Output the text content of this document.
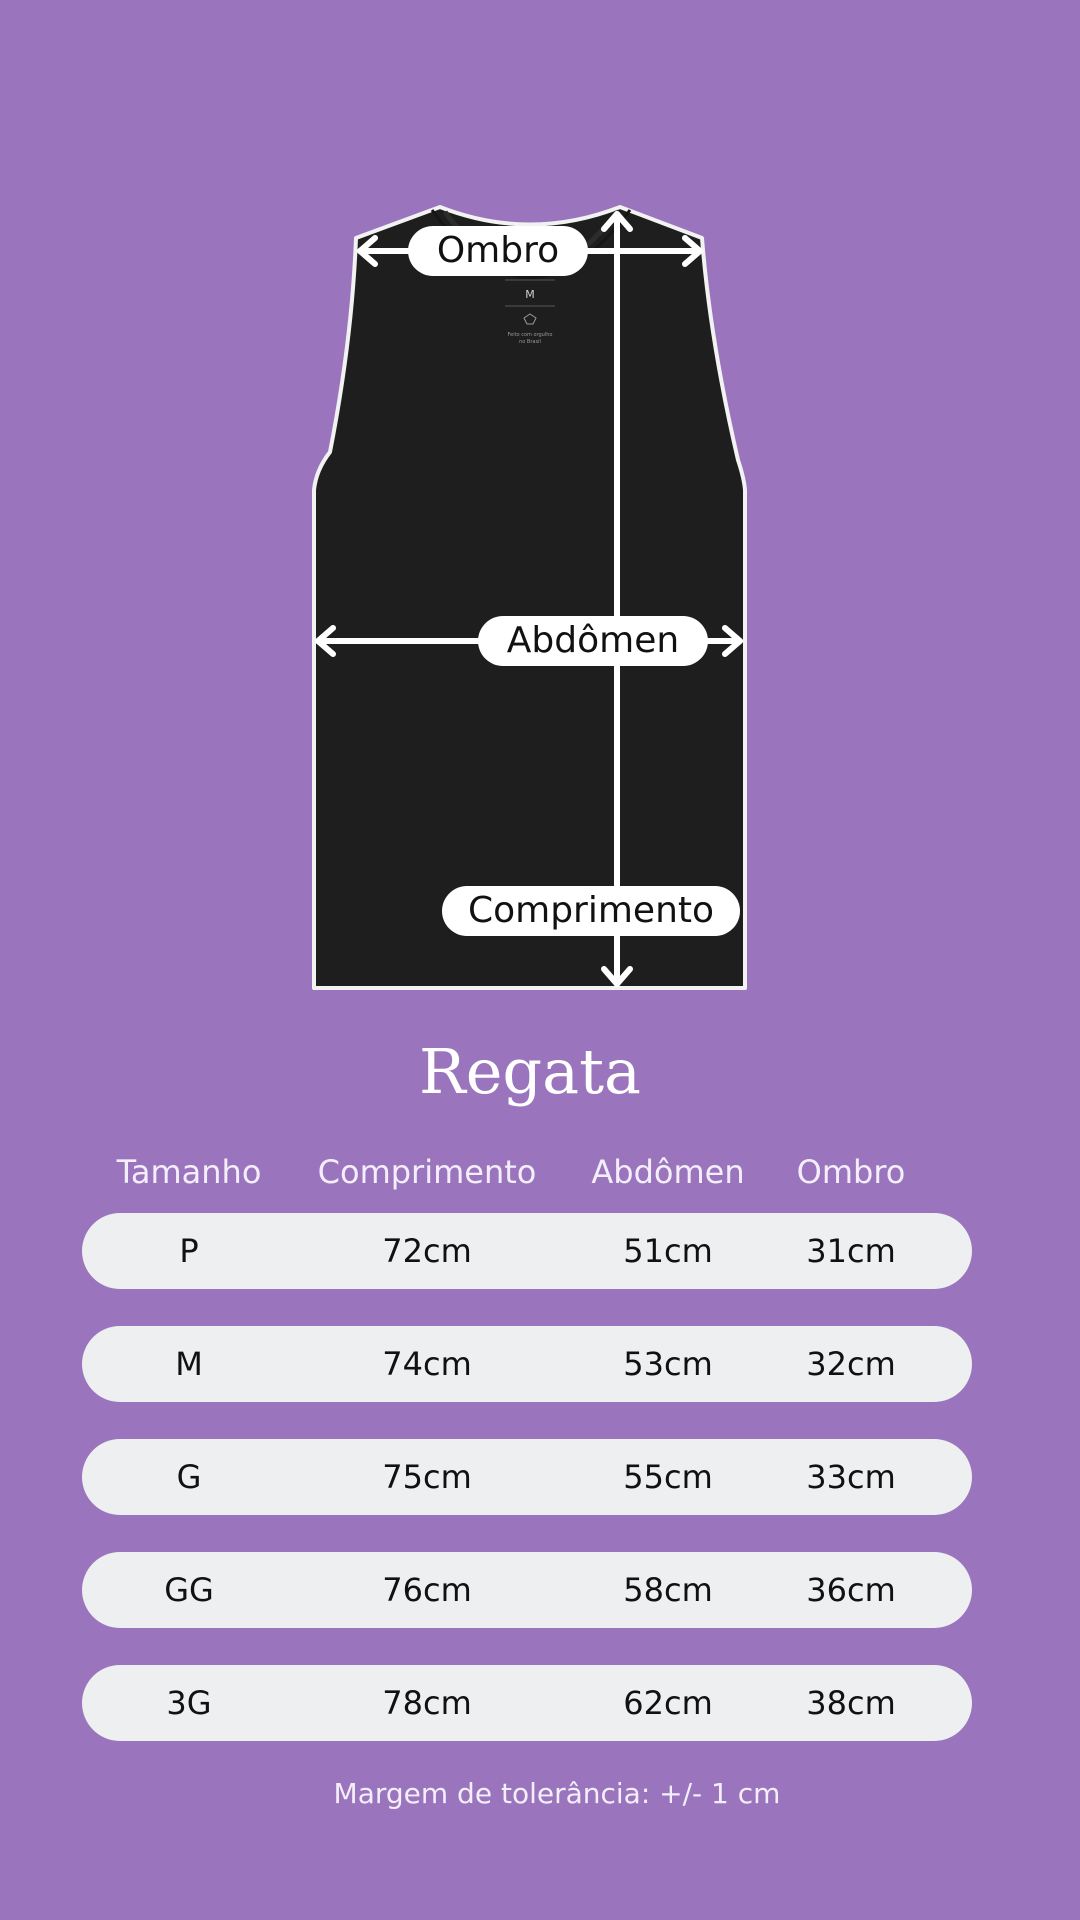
M
Feito com orgulho
no Brasil
Ombro
Abdômen
Comprimento
Regata
Tamanho	Comprimento	Abdômen	Ombro
P	72cm	51cm	31cm
M	74cm	53cm	32cm
G	75cm	55cm	33cm
GG	76cm	58cm	36cm
3G	78cm	62cm	38cm
Margem de tolerância: +/- 1 cm
